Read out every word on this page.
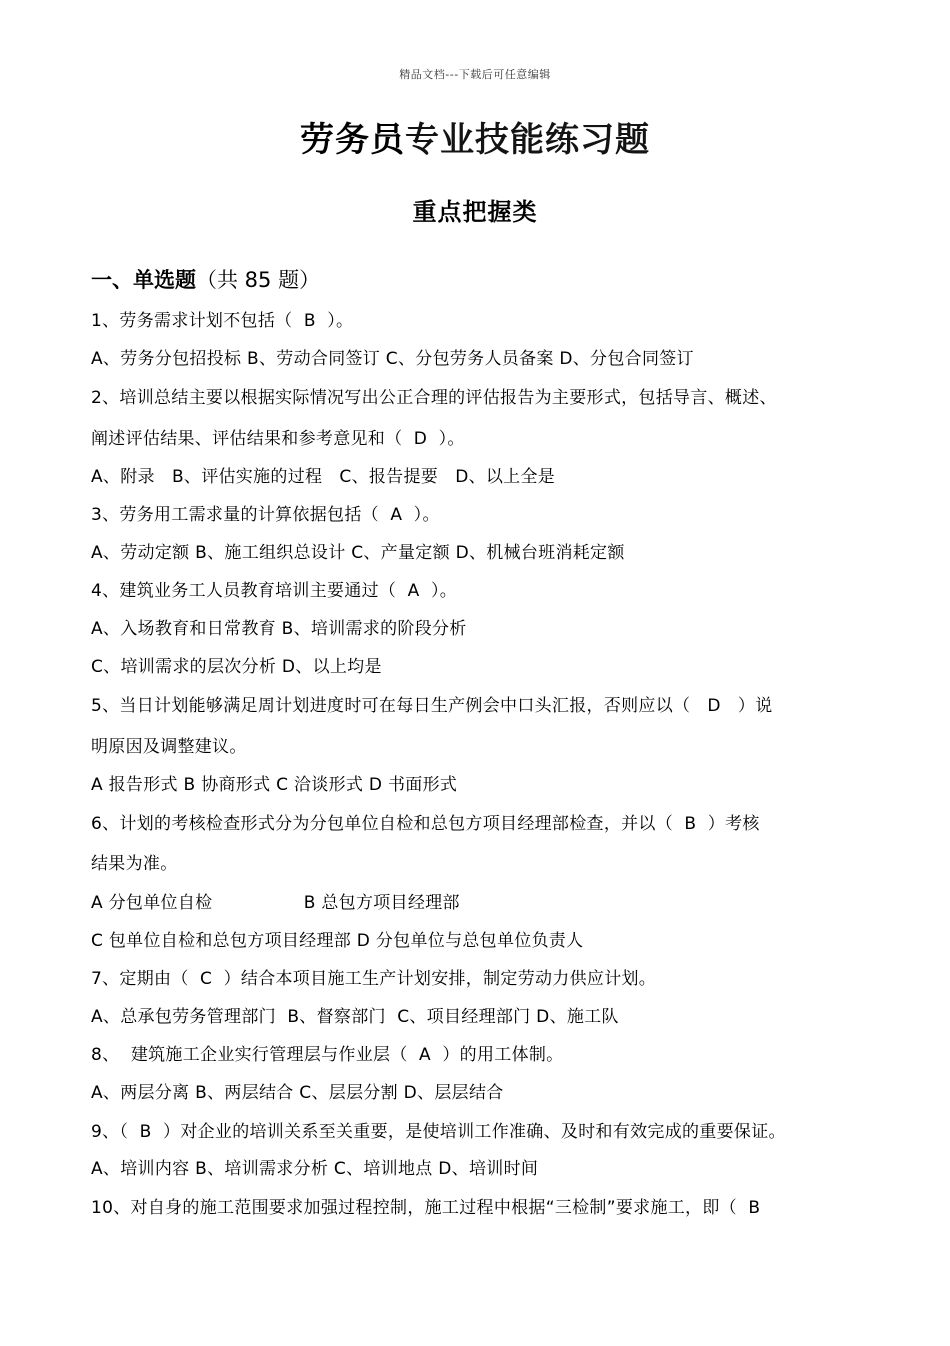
精品文档---下载后可任意编辑
劳务员专业技能练习题
重点把握类
一、单选题（共 85 题）
1、劳务需求计划不包括（  B  ）。
A、劳务分包招投标 B、劳动合同签订 C、分包劳务人员备案 D、分包合同签订
2、培训总结主要以根据实际情况写出公正合理的评估报告为主要形式，包括导言、概述、
阐述评估结果、评估结果和参考意见和（  D  ）。
A、附录   B、评估实施的过程   C、报告提要   D、以上全是
3、劳务用工需求量的计算依据包括（  A  ）。
A、劳动定额 B、施工组织总设计 C、产量定额 D、机械台班消耗定额
4、建筑业务工人员教育培训主要通过（  A  ）。
A、入场教育和日常教育 B、培训需求的阶段分析
C、培训需求的层次分析 D、以上均是
5、当日计划能够满足周计划进度时可在每日生产例会中口头汇报，否则应以（   D   ）说
明原因及调整建议。
A 报告形式 B 协商形式 C 洽谈形式 D 书面形式
6、计划的考核检查形式分为分包单位自检和总包方项目经理部检查，并以（  B  ）考核
结果为准。
A 分包单位自检                B 总包方项目经理部
C 包单位自检和总包方项目经理部 D 分包单位与总包单位负责人
7、定期由（  C  ）结合本项目施工生产计划安排，制定劳动力供应计划。
A、总承包劳务管理部门  B、督察部门  C、项目经理部门 D、施工队
8、  建筑施工企业实行管理层与作业层（  A  ）的用工体制。
A、两层分离 B、两层结合 C、层层分割 D、层层结合
9、（  B  ）对企业的培训关系至关重要，是使培训工作准确、及时和有效完成的重要保证。
A、培训内容 B、培训需求分析 C、培训地点 D、培训时间
10、对自身的施工范围要求加强过程控制，施工过程中根据“三检制”要求施工，即（  B
